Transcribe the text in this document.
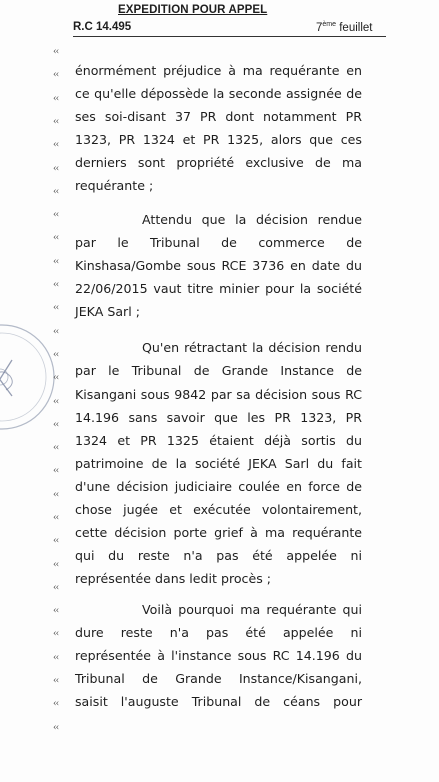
EXPEDITION POUR APPEL
R.C 14.495	7ème feuillet
‹‹
‹‹
‹‹
‹‹
‹‹
‹‹
‹‹
‹‹
‹‹
‹‹
‹‹
‹‹
‹‹
‹‹
‹‹
‹‹
‹‹
‹‹
‹‹
‹‹
‹‹
‹‹
‹‹
‹‹
‹‹
‹‹
‹‹
‹‹
‹‹
‹‹
énormément préjudice à ma requérante en
ce qu'elle dépossède la seconde assignée de
ses soi-disant 37 PR dont notamment PR
1323, PR 1324 et PR 1325, alors que ces
derniers sont propriété exclusive de ma
requérante ;
Attendu que la décision rendue
par le Tribunal de commerce de
Kinshasa/Gombe sous RCE 3736 en date du
22/06/2015 vaut titre minier pour la société
JEKA Sarl ;
Qu'en rétractant la décision rendu
par le Tribunal de Grande Instance de
Kisangani sous 9842 par sa décision sous RC
14.196 sans savoir que les PR 1323, PR
1324 et PR 1325 étaient déjà sortis du
patrimoine de la société JEKA Sarl du fait
d'une décision judiciaire coulée en force de
chose jugée et exécutée volontairement,
cette décision porte grief à ma requérante
qui du reste n'a pas été appelée ni
représentée dans ledit procès ;
Voilà pourquoi ma requérante qui
dure reste n'a pas été appelée ni
représentée à l'instance sous RC 14.196 du
Tribunal de Grande Instance/Kisangani,
saisit l'auguste Tribunal de céans pour
